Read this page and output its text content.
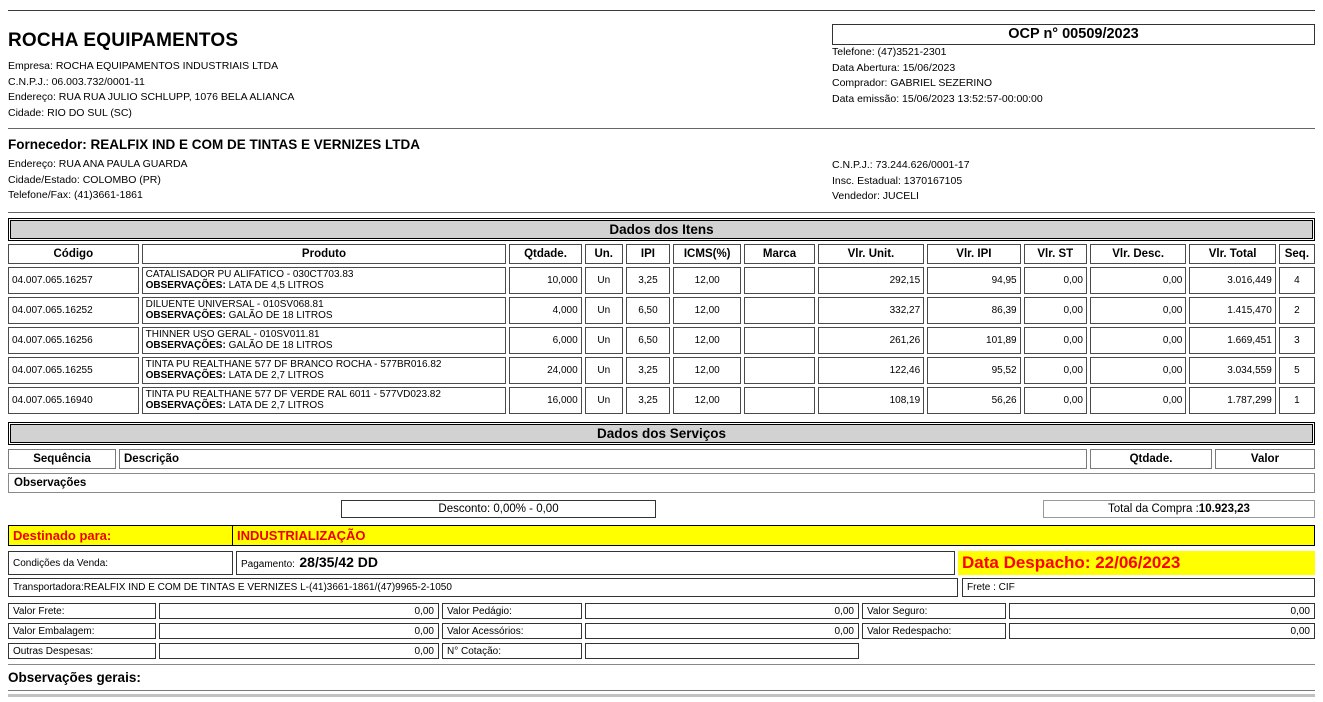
ROCHA EQUIPAMENTOS
Empresa: ROCHA EQUIPAMENTOS INDUSTRIAIS LTDA
C.N.P.J.: 06.003.732/0001-11
Endereço: RUA RUA JULIO SCHLUPP, 1076 BELA ALIANCA
Cidade: RIO DO SUL (SC)
OCP n° 00509/2023
Telefone: (47)3521-2301
Data Abertura: 15/06/2023
Comprador: GABRIEL SEZERINO
Data emissão: 15/06/2023 13:52:57-00:00:00
Fornecedor: REALFIX IND E COM DE TINTAS E VERNIZES LTDA
Endereço: RUA ANA PAULA GUARDA
Cidade/Estado: COLOMBO (PR)
Telefone/Fax: (41)3661-1861
C.N.P.J.: 73.244.626/0001-17
Insc. Estadual: 1370167105
Vendedor: JUCELI
Dados dos Itens
Código	Produto	Qtdade.	Un.	IPI	ICMS(%)	Marca	Vlr. Unit.	Vlr. IPI	Vlr. ST	Vlr. Desc.	Vlr. Total	Seq.
04.007.065.16257	CATALISADOR PU ALIFATICO - 030CT703.83
OBSERVAÇÕES: LATA DE 4,5 LITROS	10,000	Un	3,25	12,00		292,15	94,95	0,00	0,00	3.016,449	4
04.007.065.16252	DILUENTE UNIVERSAL - 010SV068.81
OBSERVAÇÕES: GALÃO DE 18 LITROS	4,000	Un	6,50	12,00		332,27	86,39	0,00	0,00	1.415,470	2
04.007.065.16256	THINNER USO GERAL - 010SV011.81
OBSERVAÇÕES: GALÃO DE 18 LITROS	6,000	Un	6,50	12,00		261,26	101,89	0,00	0,00	1.669,451	3
04.007.065.16255	TINTA PU REALTHANE 577 DF BRANCO ROCHA - 577BR016.82
OBSERVAÇÕES: LATA DE 2,7 LITROS	24,000	Un	3,25	12,00		122,46	95,52	0,00	0,00	3.034,559	5
04.007.065.16940	TINTA PU REALTHANE 577 DF VERDE RAL 6011 - 577VD023.82
OBSERVAÇÕES: LATA DE 2,7 LITROS	16,000	Un	3,25	12,00		108,19	56,26	0,00	0,00	1.787,299	1
Dados dos Serviços
Sequência	Descrição	Qtdade.	Valor
Observações
Desconto: 0,00% - 0,00	Total da Compra :10.923,23
Destinado para:	INDUSTRIALIZAÇÃO
Condições da Venda:	Pagamento: 28/35/42 DD	Data Despacho: 22/06/2023
Transportadora:REALFIX IND E COM DE TINTAS E VERNIZES L-(41)3661-1861/(47)9965-2-1050	Frete : CIF
Valor Frete:	0,00	Valor Pedágio:	0,00	Valor Seguro:	0,00
Valor Embalagem:	0,00	Valor Acessórios:	0,00	Valor Redespacho:	0,00
Outras Despesas:	0,00	N° Cotação:
Observações gerais:
